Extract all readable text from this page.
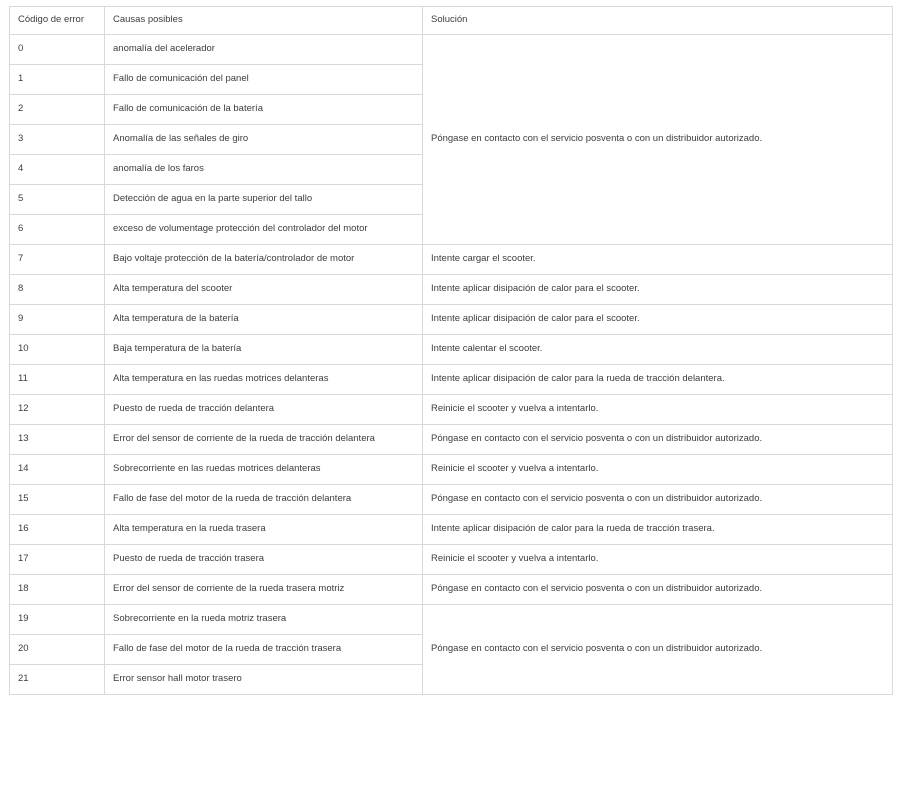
Código de error	Causas posibles	Solución
0	anomalía del acelerador	Póngase en contacto con el servicio posventa o con un distribuidor autorizado.
1	Fallo de comunicación del panel	
2	Fallo de comunicación de la batería	
3	Anomalía de las señales de giro	
4	anomalía de los faros	
5	Detección de agua en la parte superior del tallo	
6	exceso de volumentage protección del controlador del motor	
7	Bajo voltaje protección de la batería/controlador de motor	Intente cargar el scooter.
8	Alta temperatura del scooter	Intente aplicar disipación de calor para el scooter.
9	Alta temperatura de la batería	Intente aplicar disipación de calor para el scooter.
10	Baja temperatura de la batería	Intente calentar el scooter.
11	Alta temperatura en las ruedas motrices delanteras	Intente aplicar disipación de calor para la rueda de tracción delantera.
12	Puesto de rueda de tracción delantera	Reinicie el scooter y vuelva a intentarlo.
13	Error del sensor de corriente de la rueda de tracción delantera	Póngase en contacto con el servicio posventa o con un distribuidor autorizado.
14	Sobrecorriente en las ruedas motrices delanteras	Reinicie el scooter y vuelva a intentarlo.
15	Fallo de fase del motor de la rueda de tracción delantera	Póngase en contacto con el servicio posventa o con un distribuidor autorizado.
16	Alta temperatura en la rueda trasera	Intente aplicar disipación de calor para la rueda de tracción trasera.
17	Puesto de rueda de tracción trasera	Reinicie el scooter y vuelva a intentarlo.
18	Error del sensor de corriente de la rueda trasera motriz	Póngase en contacto con el servicio posventa o con un distribuidor autorizado.
19	Sobrecorriente en la rueda motriz trasera	Póngase en contacto con el servicio posventa o con un distribuidor autorizado.
20	Fallo de fase del motor de la rueda de tracción trasera	
21	Error sensor hall motor trasero	
